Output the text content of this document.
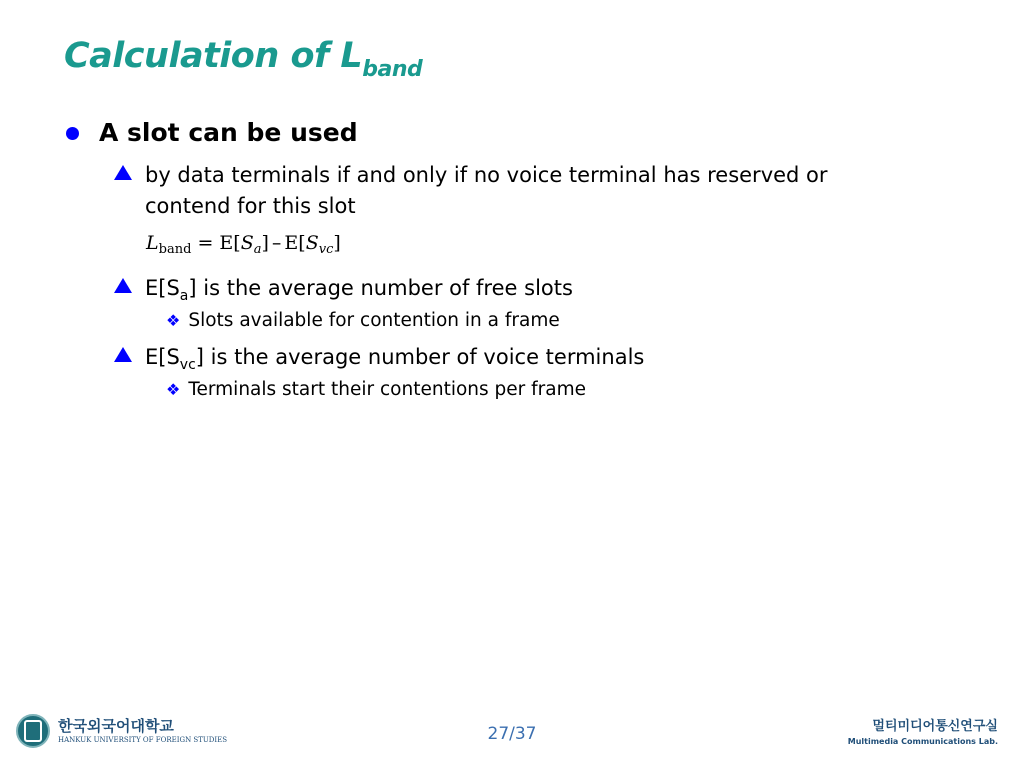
Calculation of $L_{band}$
A slot can be used
by data terminals if and only if no voice terminal has reserved or
contend for this slot
$L_{band} = E[S_a] - E[S_{vc}]$
$E[S_a]$ is the average number of free slots
❖ Slots available for contention in a frame
$E[S_{vc}]$ is the average number of voice terminals
❖ Terminals start their contentions per frame
한국외국어대학교
HANKUK UNIVERSITY OF FOREIGN STUDIES	27/37	멀티미디어통신연구실
Multimedia Communications Lab.
